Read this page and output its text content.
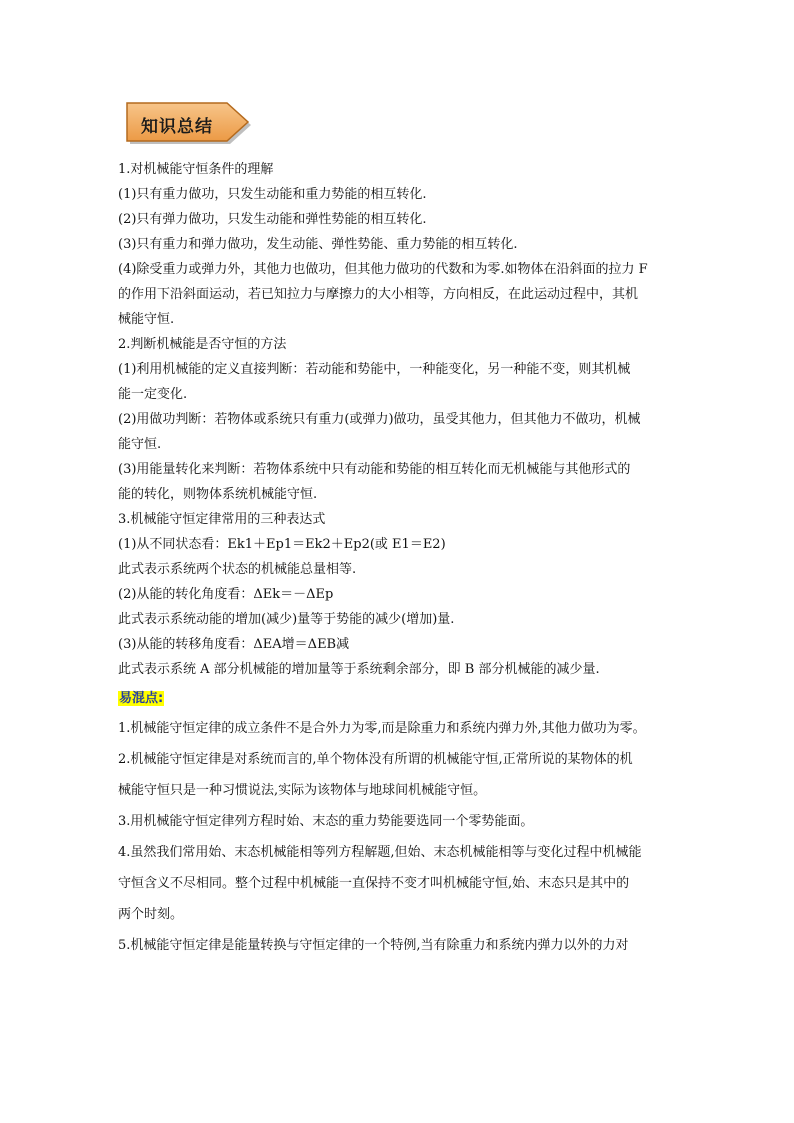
知识总结
1.对机械能守恒条件的理解
(1)只有重力做功，只发生动能和重力势能的相互转化.
(2)只有弹力做功，只发生动能和弹性势能的相互转化.
(3)只有重力和弹力做功，发生动能、弹性势能、重力势能的相互转化.
(4)除受重力或弹力外，其他力也做功，但其他力做功的代数和为零.如物体在沿斜面的拉力 F
的作用下沿斜面运动，若已知拉力与摩擦力的大小相等，方向相反，在此运动过程中，其机
械能守恒.
2.判断机械能是否守恒的方法
(1)利用机械能的定义直接判断：若动能和势能中，一种能变化，另一种能不变，则其机械
能一定变化.
(2)用做功判断：若物体或系统只有重力(或弹力)做功，虽受其他力，但其他力不做功，机械
能守恒.
(3)用能量转化来判断：若物体系统中只有动能和势能的相互转化而无机械能与其他形式的
能的转化，则物体系统机械能守恒.
3.机械能守恒定律常用的三种表达式
(1)从不同状态看：Ek1＋Ep1＝Ek2＋Ep2(或 E1＝E2)
此式表示系统两个状态的机械能总量相等.
(2)从能的转化角度看：ΔEk＝－ΔEp
此式表示系统动能的增加(减少)量等于势能的减少(增加)量.
(3)从能的转移角度看：ΔEA增＝ΔEB减
此式表示系统 A 部分机械能的增加量等于系统剩余部分，即 B 部分机械能的减少量.
易混点:
1.机械能守恒定律的成立条件不是合外力为零,而是除重力和系统内弹力外,其他力做功为零。
2.机械能守恒定律是对系统而言的,单个物体没有所谓的机械能守恒,正常所说的某物体的机
械能守恒只是一种习惯说法,实际为该物体与地球间机械能守恒。
3.用机械能守恒定律列方程时始、末态的重力势能要选同一个零势能面。
4.虽然我们常用始、末态机械能相等列方程解题,但始、末态机械能相等与变化过程中机械能
守恒含义不尽相同。整个过程中机械能一直保持不变才叫机械能守恒,始、末态只是其中的
两个时刻。
5.机械能守恒定律是能量转换与守恒定律的一个特例,当有除重力和系统内弹力以外的力对
